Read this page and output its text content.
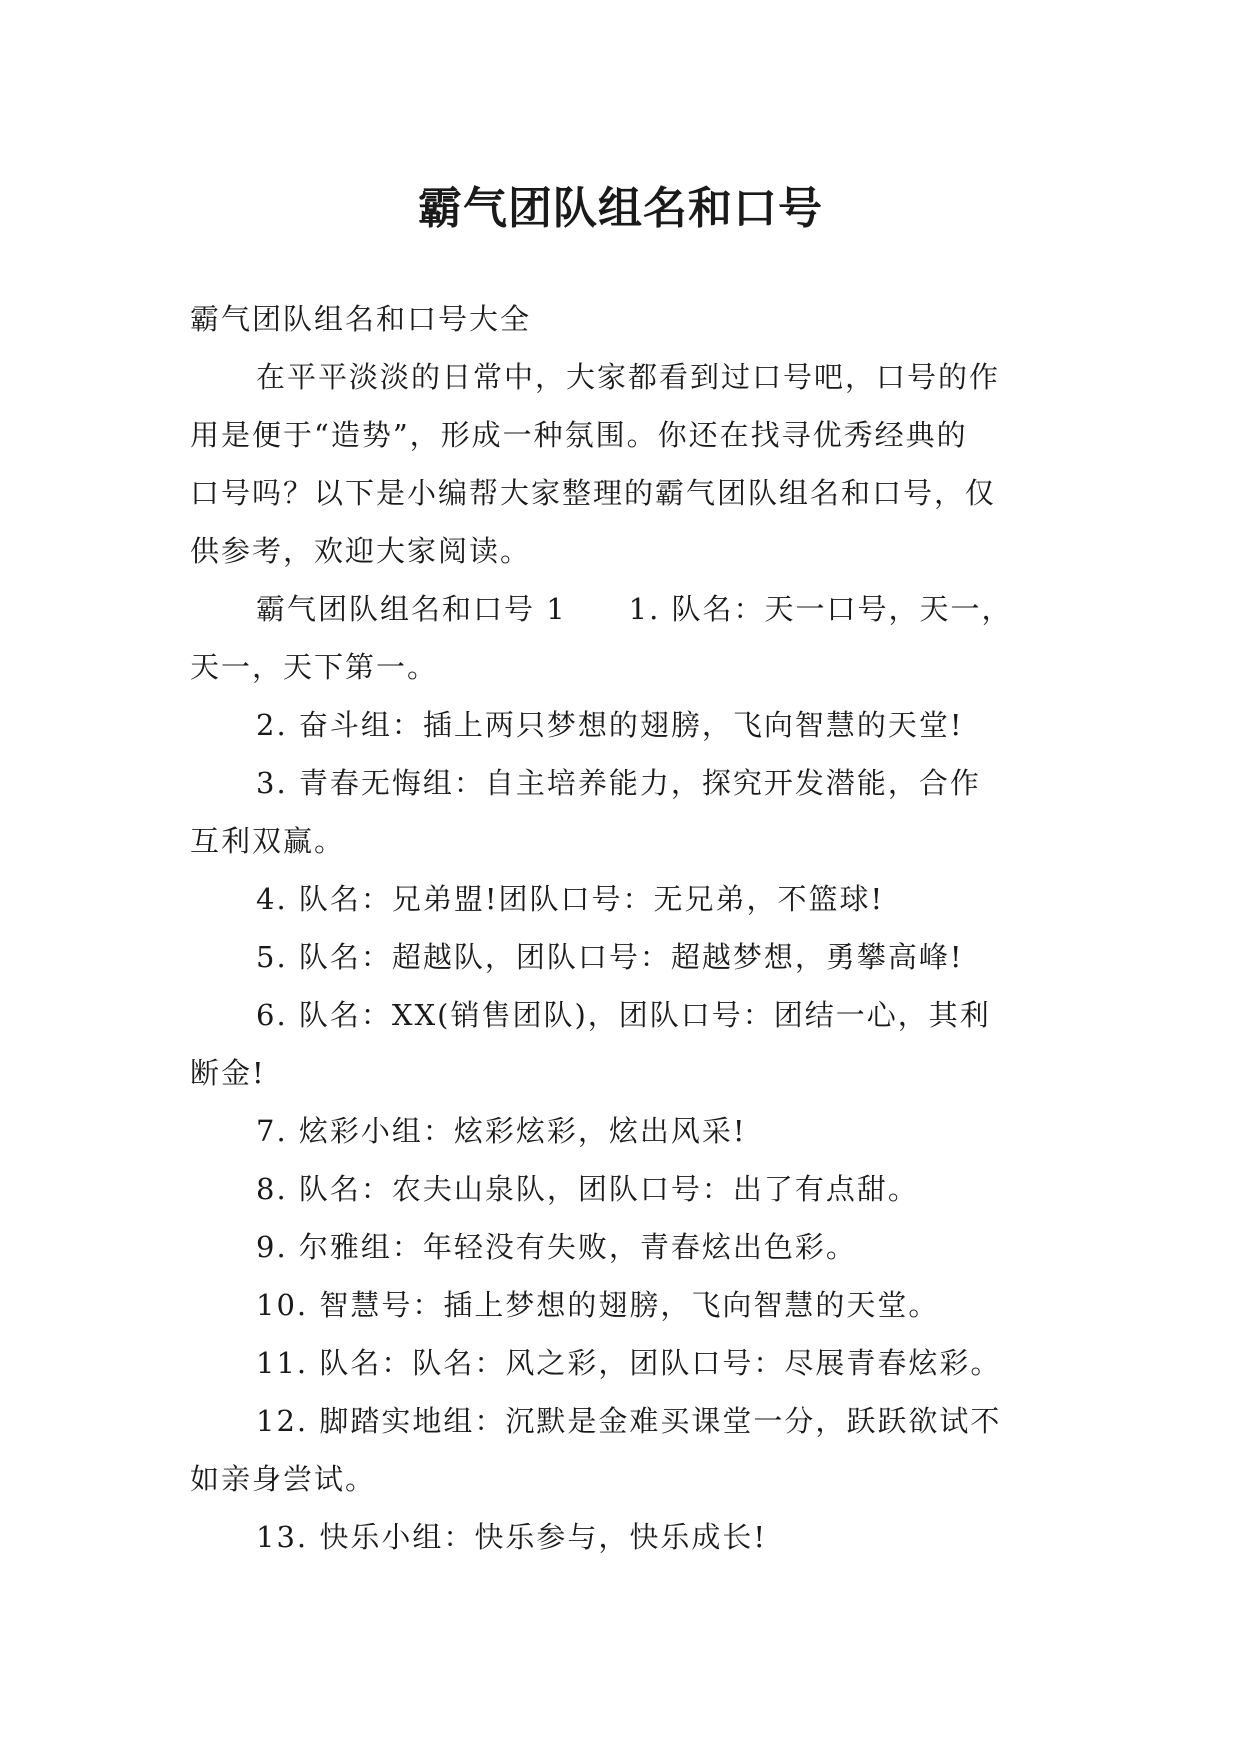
霸气团队组名和口号

霸气团队组名和口号大全

在平平淡淡的日常中，大家都看到过口号吧，口号的作

用是便于“造势”，形成一种氛围。你还在找寻优秀经典的

口号吗？以下是小编帮大家整理的霸气团队组名和口号，仅

供参考，欢迎大家阅读。

霸气团队组名和口号 1　　1. 队名：天一口号，天一，

天一，天下第一。

2. 奋斗组：插上两只梦想的翅膀，飞向智慧的天堂!

3. 青春无悔组：自主培养能力，探究开发潜能，合作

互利双赢。

4. 队名：兄弟盟!团队口号：无兄弟，不篮球!

5. 队名：超越队，团队口号：超越梦想，勇攀高峰!

6. 队名：XX(销售团队)，团队口号：团结一心，其利

断金!

7. 炫彩小组：炫彩炫彩，炫出风采!

8. 队名：农夫山泉队，团队口号：出了有点甜。

9. 尔雅组：年轻没有失败，青春炫出色彩。

10. 智慧号：插上梦想的翅膀，飞向智慧的天堂。

11. 队名：队名：风之彩，团队口号：尽展青春炫彩。

12. 脚踏实地组：沉默是金难买课堂一分，跃跃欲试不

如亲身尝试。

13. 快乐小组：快乐参与，快乐成长!
